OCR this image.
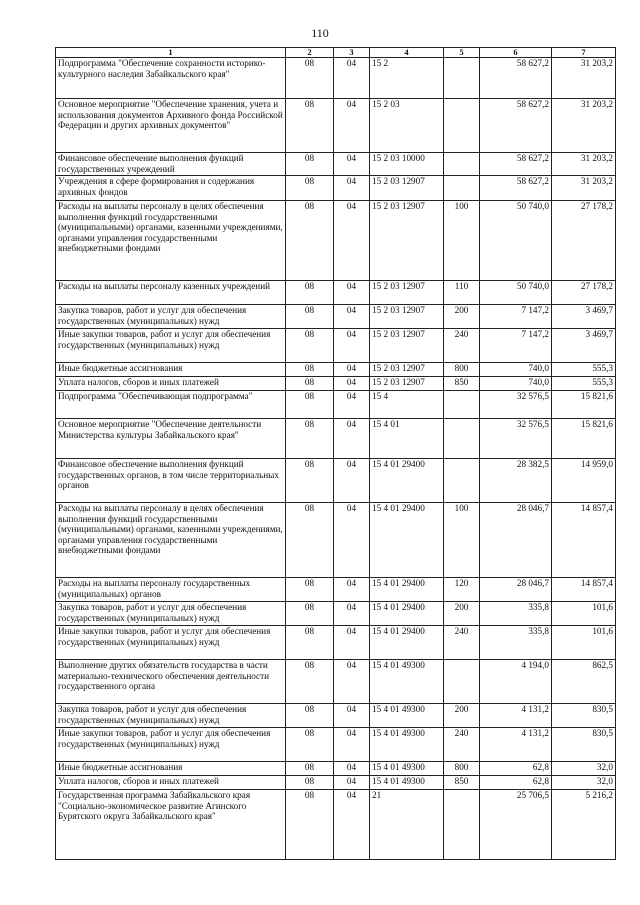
110
1	2	3	4	5	6	7
Подпрограмма "Обеспечение сохранности историко-культурного наследия Забайкальского края"	08	04	15 2		58 627,2	31 203,2
Основное мероприятие "Обеспечение хранения, учета и использования документов Архивного фонда Российской Федерации и других архивных документов"	08	04	15 2 03		58 627,2	31 203,2
Финансовое обеспечение выполнения функций государственных учреждений	08	04	15 2 03 10000		58 627,2	31 203,2
Учреждения в сфере формирования и содержания архивных фондов	08	04	15 2 03 12907		58 627,2	31 203,2
Расходы на выплаты персоналу в целях обеспечения выполнения функций государственными (муниципальными) органами, казенными учреждениями, органами управления государственными внебюджетными фондами	08	04	15 2 03 12907	100	50 740,0	27 178,2
Расходы на выплаты персоналу казенных учреждений	08	04	15 2 03 12907	110	50 740,0	27 178,2
Закупка товаров, работ и услуг для обеспечения государственных (муниципальных) нужд	08	04	15 2 03 12907	200	7 147,2	3 469,7
Иные закупки товаров, работ и услуг для обеспечения государственных (муниципальных) нужд	08	04	15 2 03 12907	240	7 147,2	3 469,7
Иные бюджетные ассигнования	08	04	15 2 03 12907	800	740,0	555,3
Уплата налогов, сборов и иных платежей	08	04	15 2 03 12907	850	740,0	555,3
Подпрограмма "Обеспечивающая подпрограмма"	08	04	15 4		32 576,5	15 821,6
Основное мероприятие "Обеспечение деятельности Министерства культуры Забайкальского края"	08	04	15 4 01		32 576,5	15 821,6
Финансовое обеспечение выполнения функций государственных органов, в том числе территориальных органов	08	04	15 4 01 29400		28 382,5	14 959,0
Расходы на выплаты персоналу в целях обеспечения выполнения функций государственными (муниципальными) органами, казенными учреждениями, органами управления государственными внебюджетными фондами	08	04	15 4 01 29400	100	28 046,7	14 857,4
Расходы на выплаты персоналу государственных (муниципальных) органов	08	04	15 4 01 29400	120	28 046,7	14 857,4
Закупка товаров, работ и услуг для обеспечения государственных (муниципальных) нужд	08	04	15 4 01 29400	200	335,8	101,6
Иные закупки товаров, работ и услуг для обеспечения государственных (муниципальных) нужд	08	04	15 4 01 29400	240	335,8	101,6
Выполнение других обязательств государства в части материально-технического обеспечения деятельности государственного органа	08	04	15 4 01 49300		4 194,0	862,5
Закупка товаров, работ и услуг для обеспечения государственных (муниципальных) нужд	08	04	15 4 01 49300	200	4 131,2	830,5
Иные закупки товаров, работ и услуг для обеспечения государственных (муниципальных) нужд	08	04	15 4 01 49300	240	4 131,2	830,5
Иные бюджетные ассигнования	08	04	15 4 01 49300	800	62,8	32,0
Уплата налогов, сборов и иных платежей	08	04	15 4 01 49300	850	62,8	32,0
Государственная программа Забайкальского края "Социально-экономическое развитие Агинского Бурятского округа Забайкальского края"	08	04	21		25 706,5	5 216,2
